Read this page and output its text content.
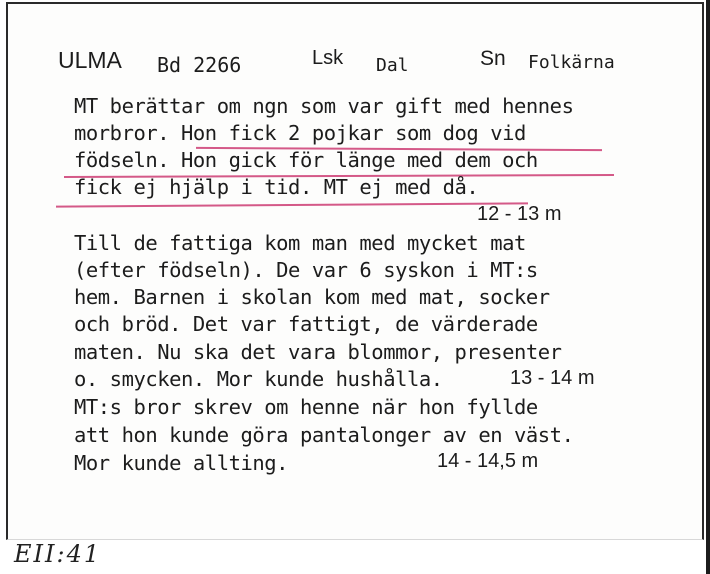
ULMA Bd 2266	Lsk Dal	Sn Folkärna
MT berättar om ngn som var gift med hennes
morbror. Hon fick 2 pojkar som dog vid
födseln. Hon gick för länge med dem och
fick ej hjälp i tid. MT ej med då.
12 - 13 m
Till de fattiga kom man med mycket mat
(efter födseln). De var 6 syskon i MT:s
hem. Barnen i skolan kom med mat, socker
och bröd. Det var fattigt, de värderade
maten. Nu ska det vara blommor, presenter
o. smycken. Mor kunde hushålla.	13 - 14 m
MT:s bror skrev om henne när hon fyllde
att hon kunde göra pantalonger av en väst.
Mor kunde allting.	14 - 14,5 m
EII:41
